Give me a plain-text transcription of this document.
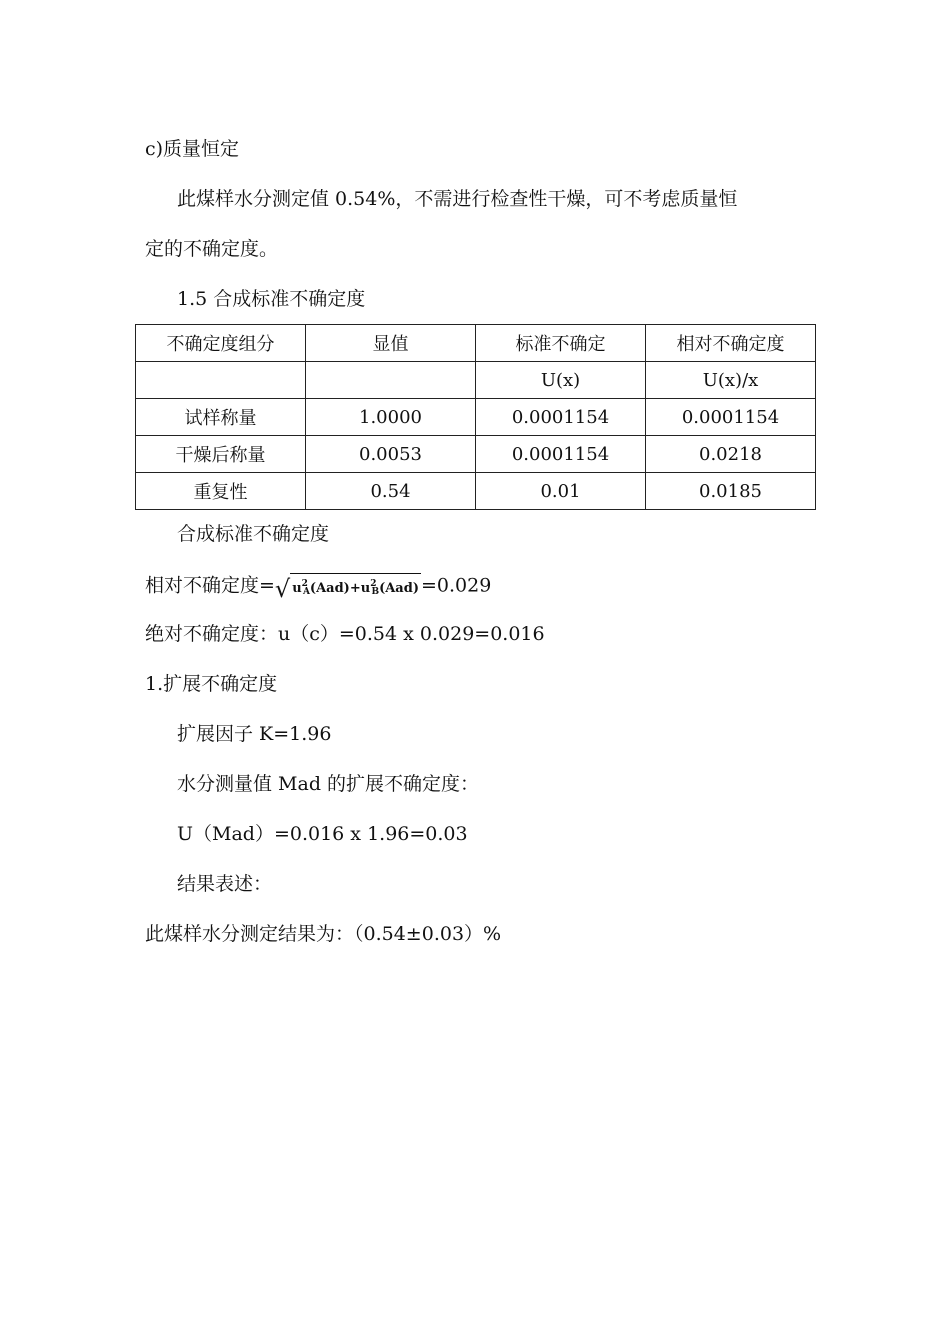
c)质量恒定
此煤样水分测定值 0.54%，不需进行检查性干燥，可不考虑质量恒
定的不确定度。
1.5 合成标准不确定度
不确定度组分	显值	标准不确定	相对不确定度
		U(x)	U(x)/x
试样称量	1.0000	0.0001154	0.0001154
干燥后称量	0.0053	0.0001154	0.0218
重复性	0.54	0.01	0.0185
合成标准不确定度
相对不确定度= √ $u^2_A(Aad)+u^2_B(Aad) =0.029$
绝对不确定度：u（c）=0.54 x 0.029=0.016
1.扩展不确定度
扩展因子 K=1.96
水分测量值 Mad 的扩展不确定度：
U（Mad）=0.016 x 1.96=0.03
结果表述：
此煤样水分测定结果为：（0.54±0.03）%
